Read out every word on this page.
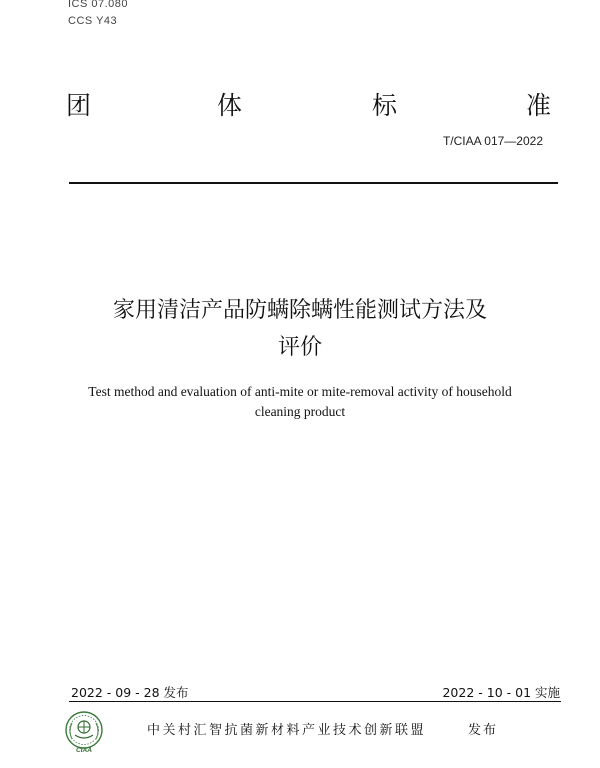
ICS 07.080
CCS Y43
团	体	标	准
T/CIAA 017—2022
家用清洁产品防螨除螨性能测试方法及
评价
Test method and evaluation of anti-mite or mite-removal activity of household
cleaning product
2022 - 09 - 28 发布	2022 - 10 - 01 实施
CIAA
中关村汇智抗菌新材料产业技术创新联盟	发布
